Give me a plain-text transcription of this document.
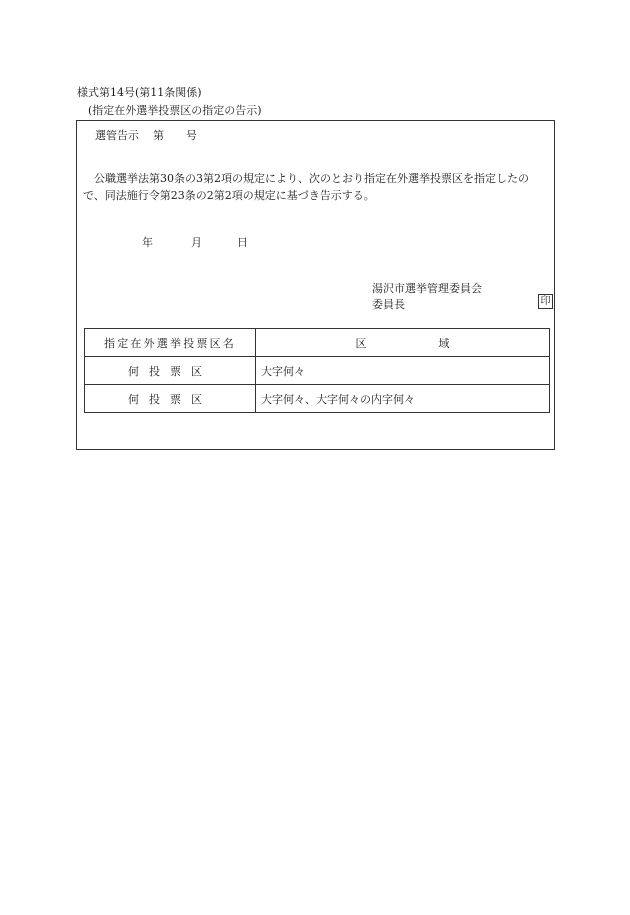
様式第14号(第11条関係)
(指定在外選挙投票区の指定の告示)
選管告示 第 号
公職選挙法第30条の3第2項の規定により、次のとおり指定在外選挙投票区を指定したので、同法施行令第23条の2第2項の規定に基づき告示する。
年	月	日
湯沢市選挙管理委員会
委員長	印
指定在外選挙投票区名	区 域
何投票区	大字何々
何投票区	大字何々、大字何々の内字何々
